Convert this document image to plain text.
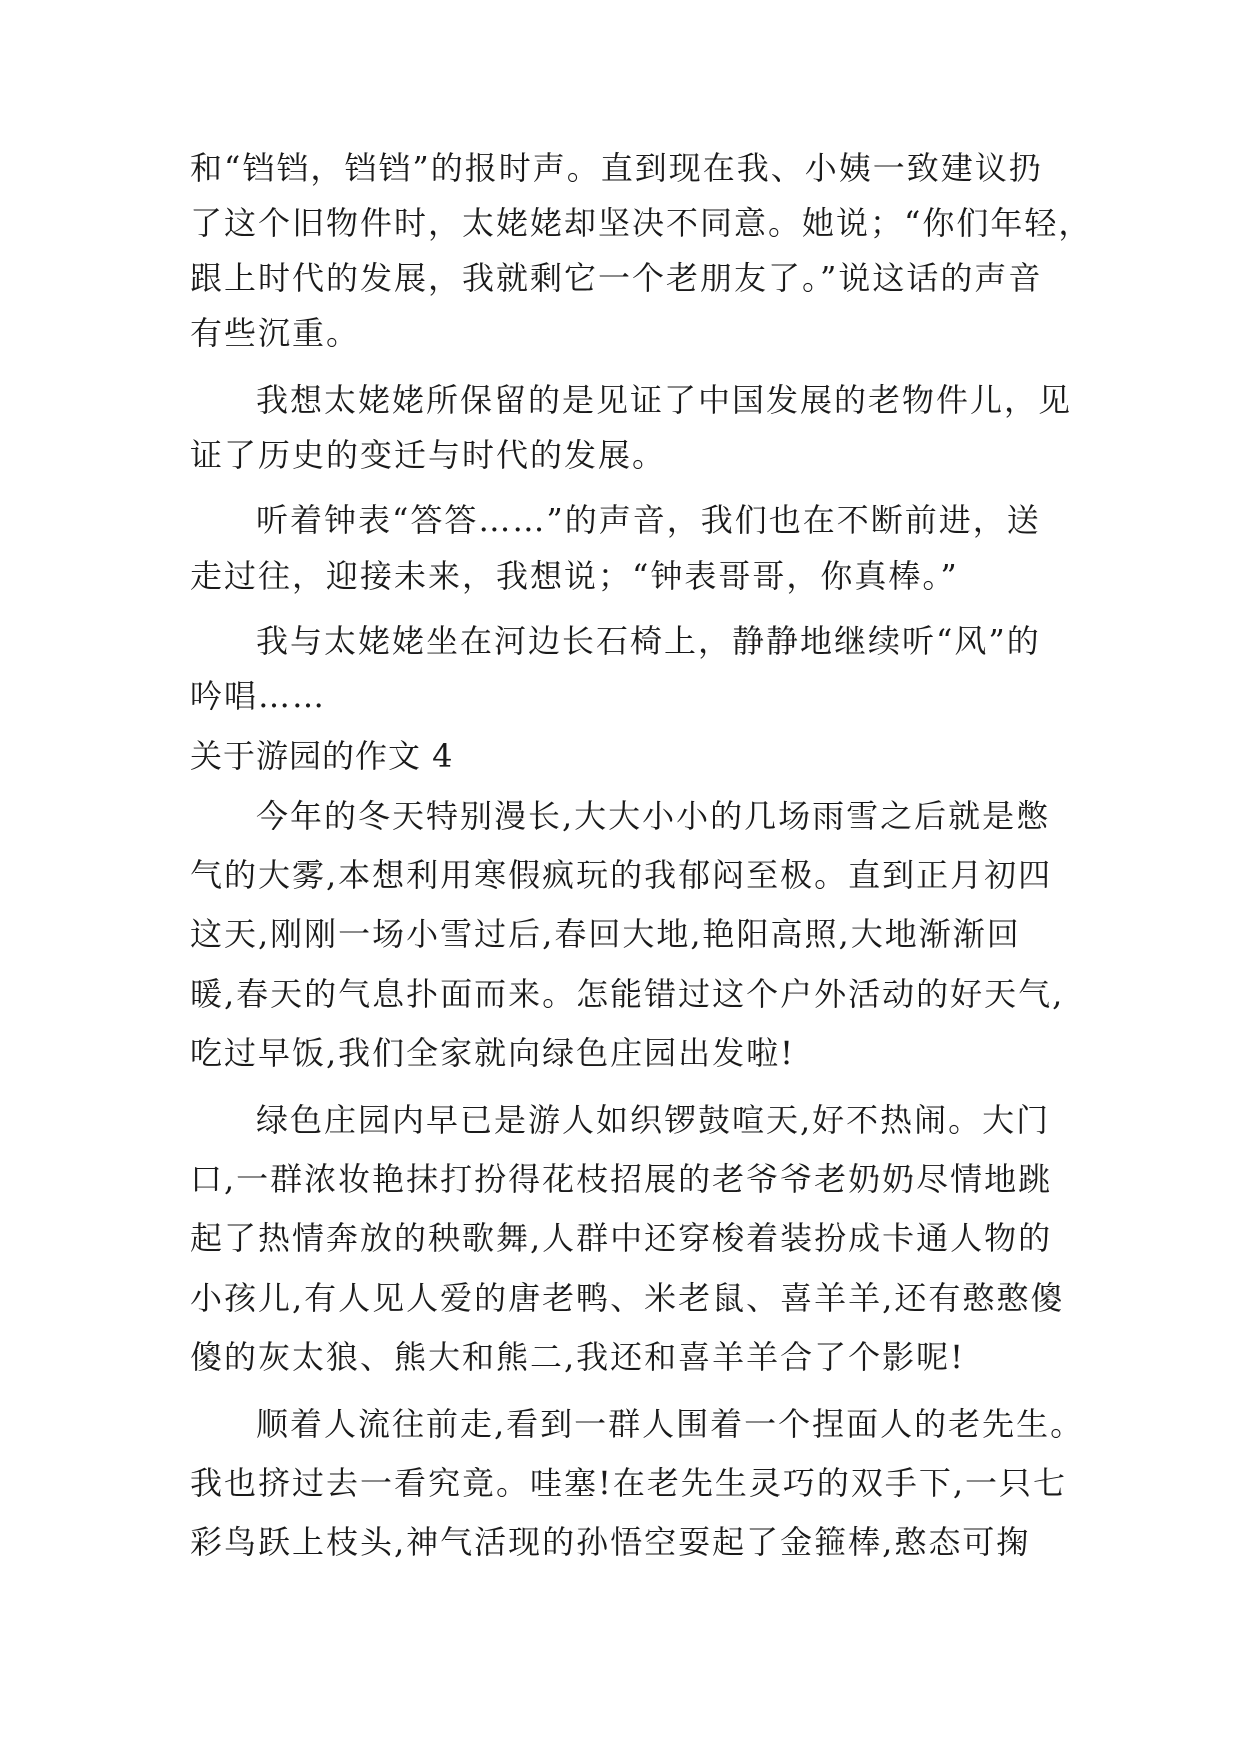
和“铛铛，铛铛”的报时声。直到现在我、小姨一致建议扔

了这个旧物件时，太姥姥却坚决不同意。她说；“你们年轻，

跟上时代的发展，我就剩它一个老朋友了。”说这话的声音

有些沉重。

我想太姥姥所保留的是见证了中国发展的老物件儿，见

证了历史的变迁与时代的发展。

听着钟表“答答……”的声音，我们也在不断前进，送

走过往，迎接未来，我想说；“钟表哥哥，你真棒。”

我与太姥姥坐在河边长石椅上，静静地继续听“风”的

吟唱……

关于游园的作文 4

今年的冬天特别漫长,大大小小的几场雨雪之后就是憋

气的大雾,本想利用寒假疯玩的我郁闷至极。直到正月初四

这天,刚刚一场小雪过后,春回大地,艳阳高照,大地渐渐回

暖,春天的气息扑面而来。怎能错过这个户外活动的好天气,

吃过早饭,我们全家就向绿色庄园出发啦!

绿色庄园内早已是游人如织锣鼓喧天,好不热闹。大门

口,一群浓妆艳抹打扮得花枝招展的老爷爷老奶奶尽情地跳

起了热情奔放的秧歌舞,人群中还穿梭着装扮成卡通人物的

小孩儿,有人见人爱的唐老鸭、米老鼠、喜羊羊,还有憨憨傻

傻的灰太狼、熊大和熊二,我还和喜羊羊合了个影呢!

顺着人流往前走,看到一群人围着一个捏面人的老先生。

我也挤过去一看究竟。哇塞!在老先生灵巧的双手下,一只七

彩鸟跃上枝头,神气活现的孙悟空耍起了金箍棒,憨态可掬
